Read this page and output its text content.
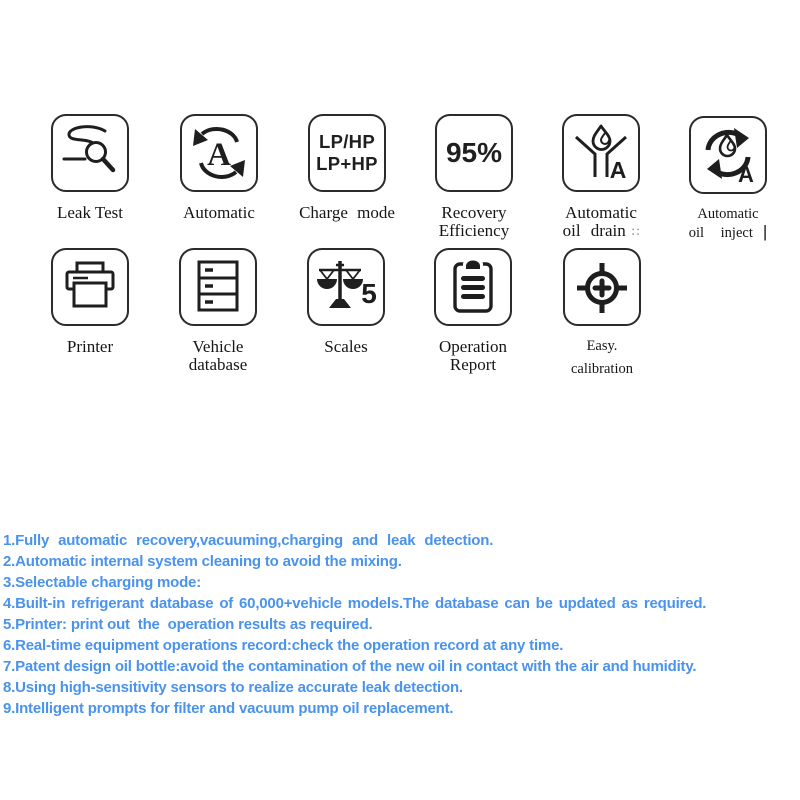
Leak Test
A
Automatic
LP/HP
LP+HP
Charge mode
95%
Recovery
Efficiency
A
Automatic
oil drain ∷
A
Automatic
oil inject |
Printer	Vehicle
database
5
Scales	Operation
Report
Easy.
calibration

1.Fully automatic recovery,vacuuming,charging and leak detection.
2.Automatic internal system cleaning to avoid the mixing.
3.Selectable charging mode:
4.Built-in refrigerant database of 60,000+vehicle models.The database can be updated as required.
5.Printer: print out  the  operation results as required.
6.Real-time equipment operations record:check the operation record at any time.
7.Patent design oil bottle:avoid the contamination of the new oil in contact with the air and humidity.
8.Using high-sensitivity sensors to realize accurate leak detection.
9.Intelligent prompts for filter and vacuum pump oil replacement.
